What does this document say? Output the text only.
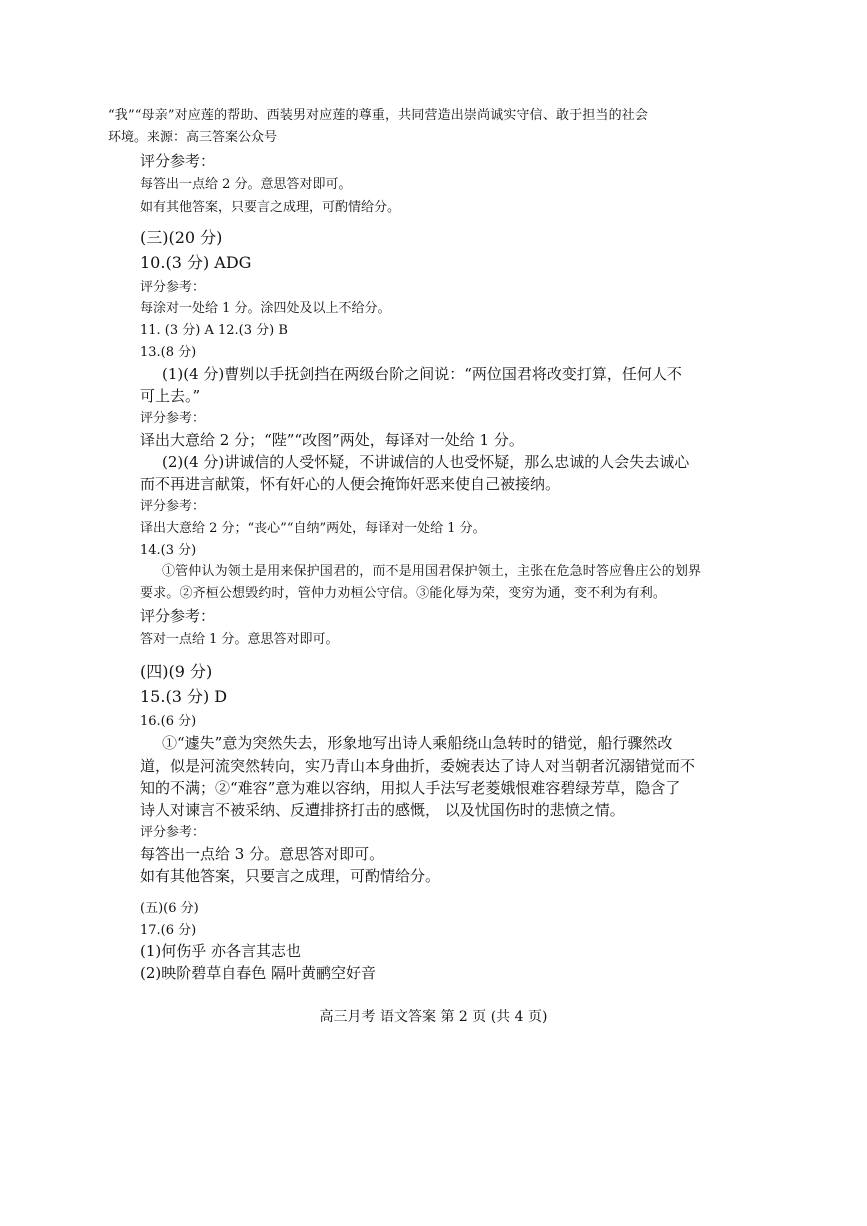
“我”“母亲”对应莲的帮助、西装男对应莲的尊重，共同营造出崇尚诚实守信、敢于担当的社会
环境。来源：高三答案公众号
评分参考：
每答出一点给 2 分。意思答对即可。
如有其他答案，只要言之成理，可酌情给分。
(三)(20 分)
10.(3 分) ADG
评分参考：
每涂对一处给 1 分。涂四处及以上不给分。
11. (3 分) A 12.(3 分) B
13.(8 分)
(1)(4 分)曹刿以手抚剑挡在两级台阶之间说：“两位国君将改变打算，任何人不
可上去。”
评分参考：
译出大意给 2 分；“陛”“改图”两处，每译对一处给 1 分。
(2)(4 分)讲诚信的人受怀疑，不讲诚信的人也受怀疑，那么忠诚的人会失去诚心
而不再进言献策，怀有奸心的人便会掩饰奸恶来使自己被接纳。
评分参考：
译出大意给 2 分；“丧心”“自纳”两处，每译对一处给 1 分。
14.(3 分)
①管仲认为领土是用来保护国君的，而不是用国君保护领土，主张在危急时答应鲁庄公的划界
要求。②齐桓公想毁约时，管仲力劝桓公守信。③能化辱为荣，变穷为通，变不利为有利。
评分参考：
答对一点给 1 分。意思答对即可。
(四)(9 分)
15.(3 分) D
16.(6 分)
①“遽失”意为突然失去，形象地写出诗人乘船绕山急转时的错觉，船行骤然改
道，似是河流突然转向，实乃青山本身曲折，委婉表达了诗人对当朝者沉溺错觉而不
知的不满；②“难容”意为难以容纳，用拟人手法写老菱娥恨难容碧绿芳草，隐含了
诗人对谏言不被采纳、反遭排挤打击的感慨， 以及忧国伤时的悲愤之情。
评分参考：
每答出一点给 3 分。意思答对即可。
如有其他答案，只要言之成理，可酌情给分。
(五)(6 分)
17.(6 分)
(1)何伤乎 亦各言其志也
(2)映阶碧草自春色 隔叶黄鹂空好音
高三月考 语文答案 第 2 页 (共 4 页)
